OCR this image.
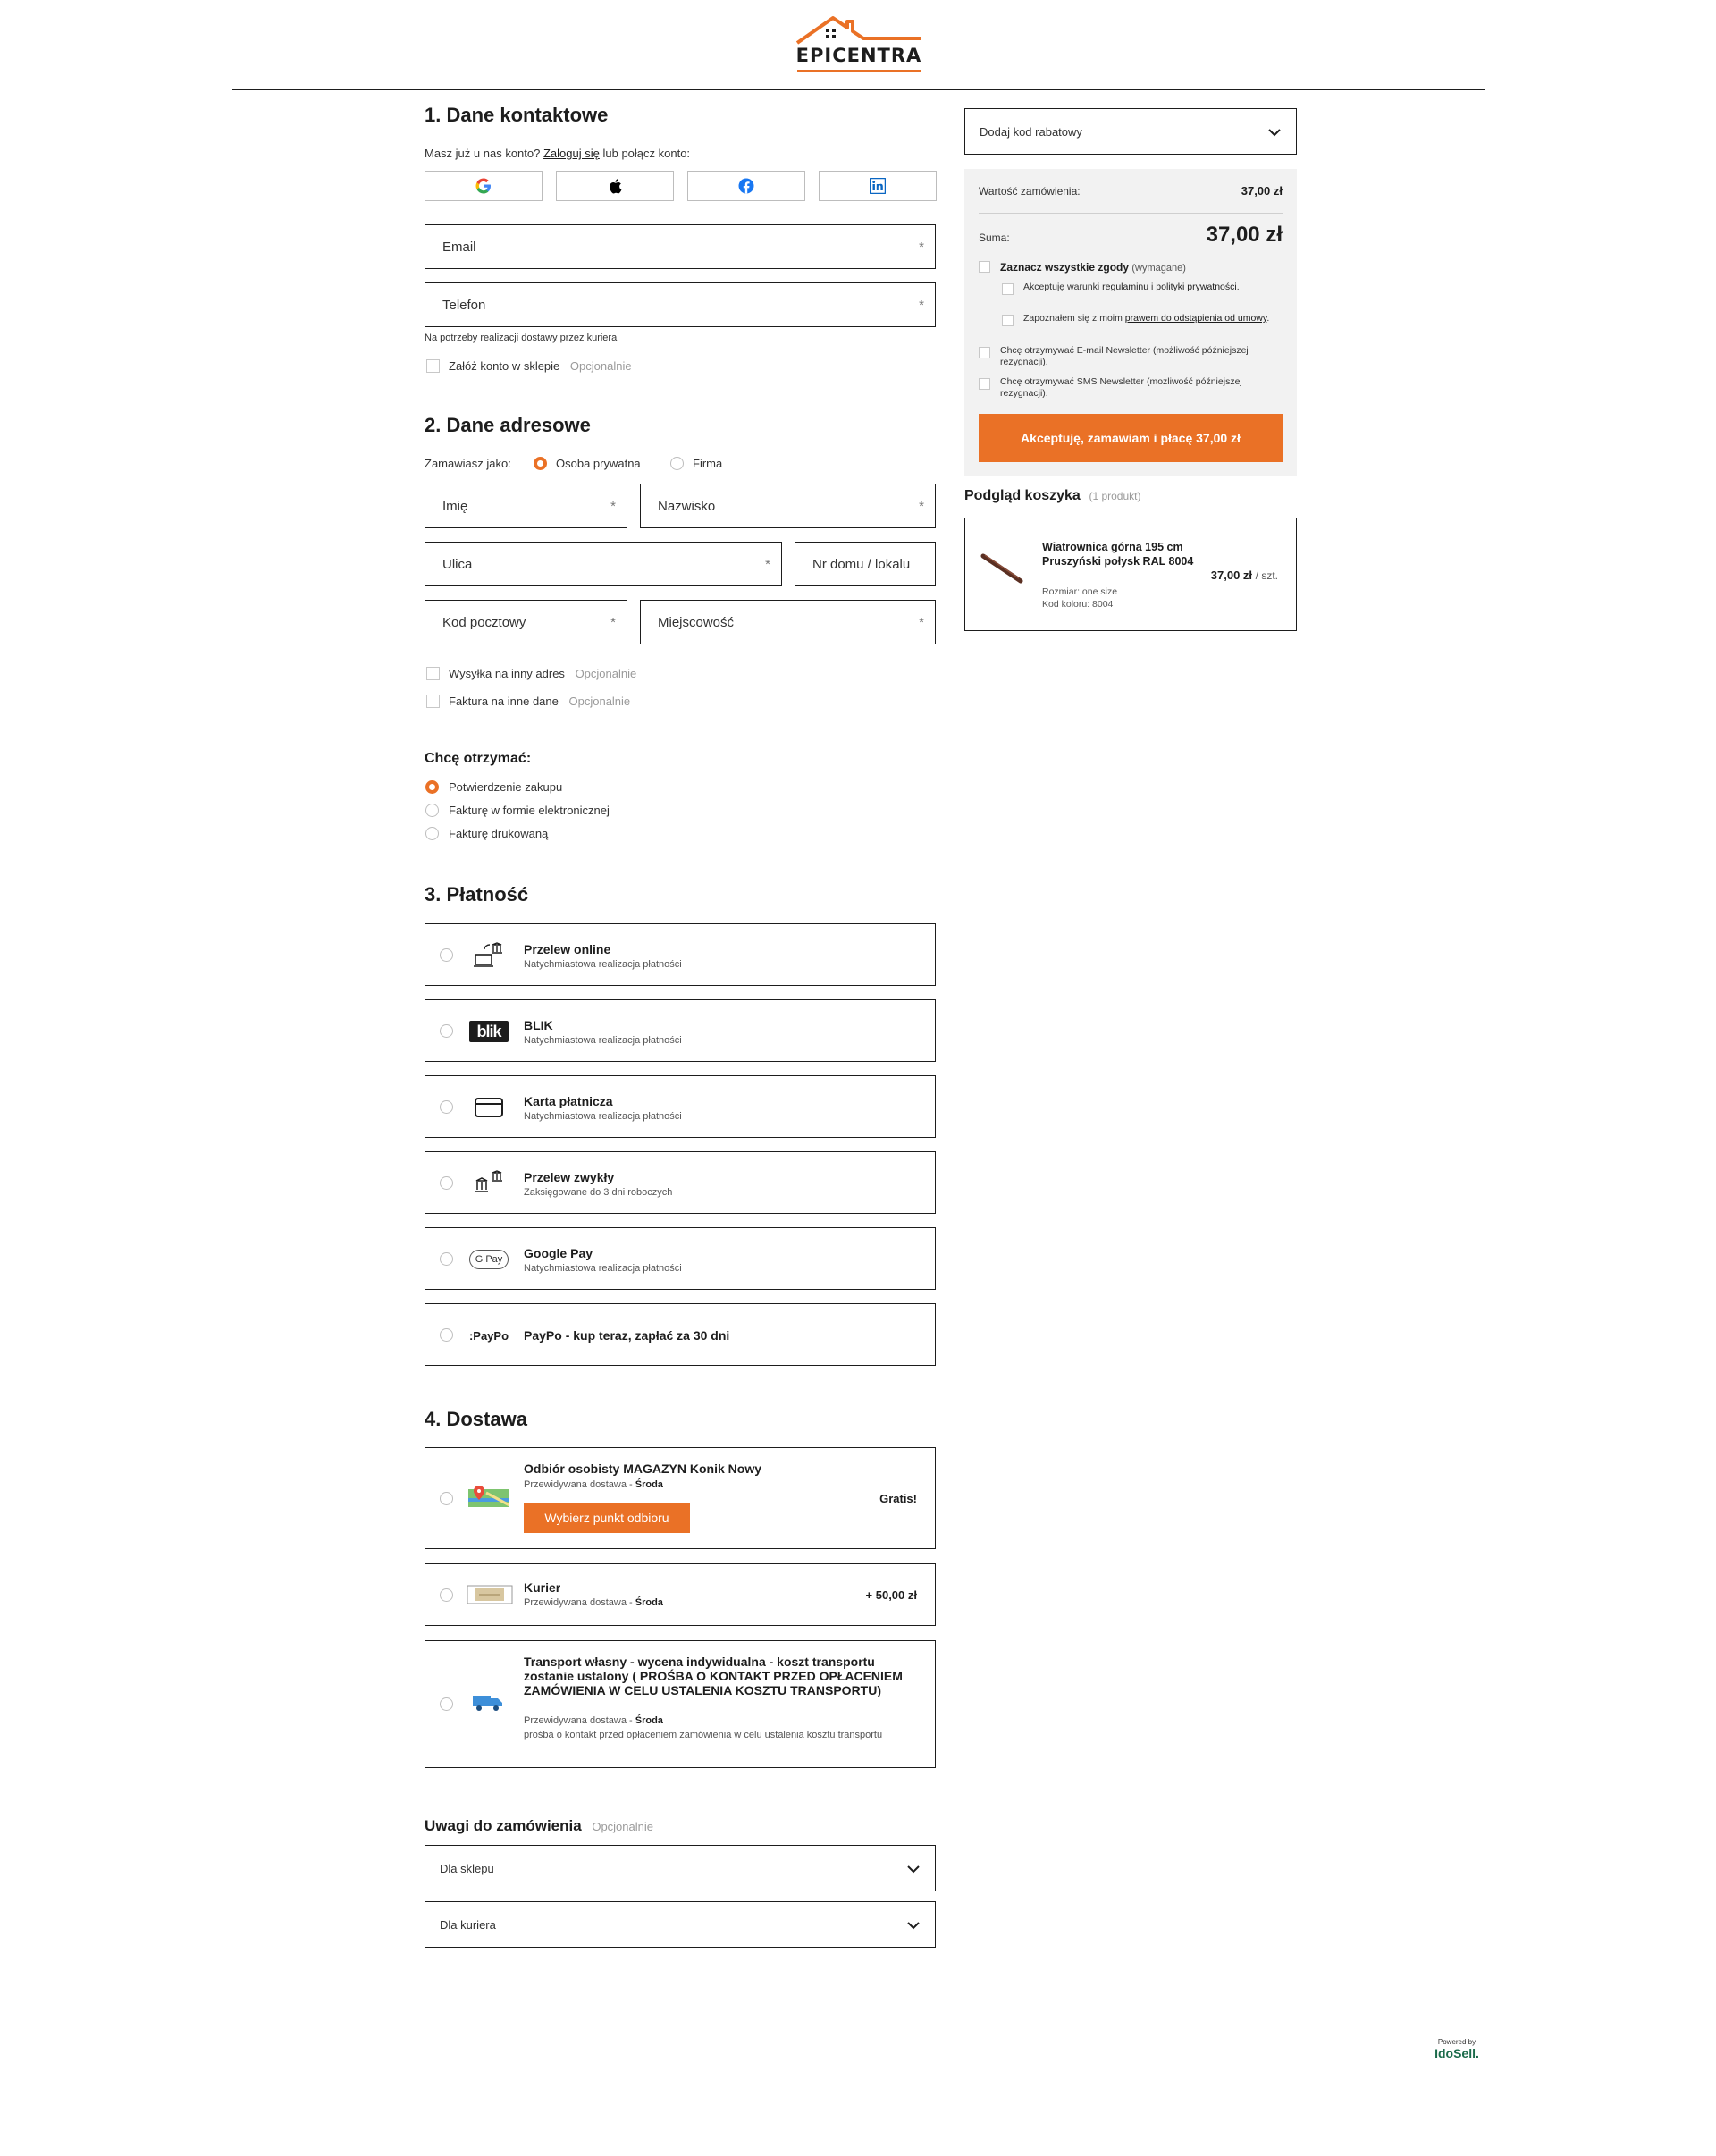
EPICENTRA
1. Dane kontaktowe
Masz już u nas konto? Zaloguj się lub połącz konto:
Email	*
Telefon	*
Na potrzeby realizacji dostawy przez kuriera
Załóż konto w sklepie Opcjonalnie
2. Dane adresowe
Zamawiasz jako:	Osoba prywatna	Firma
Imię	*	Nazwisko	*
Ulica	*	Nr domu / lokalu
Kod pocztowy	*	Miejscowość	*
Wysyłka na inny adres Opcjonalnie
Faktura na inne dane Opcjonalnie
Chcę otrzymać:
Potwierdzenie zakupu
Fakturę w formie elektronicznej
Fakturę drukowaną
3. Płatność
Przelew online
Natychmiastowa realizacja płatności
blik	BLIK
Natychmiastowa realizacja płatności
Karta płatnicza
Natychmiastowa realizacja płatności
Przelew zwykły
Zaksięgowane do 3 dni roboczych
G Pay	Google Pay
Natychmiastowa realizacja płatności
:PayPo PayPo - kup teraz, zapłać za 30 dni
4. Dostawa
Odbiór osobisty MAGAZYN Konik Nowy
Przewidywana dostawa - Środa
Wybierz punkt odbioru
Gratis!
Kurier
Przewidywana dostawa - Środa
+ 50,00 zł
Transport własny - wycena indywidualna - koszt transportu zostanie ustalony ( PROŚBA O KONTAKT PRZED OPŁACENIEM ZAMÓWIENIA W CELU USTALENIA KOSZTU TRANSPORTU)
Przewidywana dostawa - Środa
prośba o kontakt przed opłaceniem zamówienia w celu ustalenia kosztu transportu
Uwagi do zamówienia Opcjonalnie
Dla sklepu
Dla kuriera
Dodaj kod rabatowy
Wartość zamówienia:	37,00 zł
Suma:	37,00 zł
Zaznacz wszystkie zgody (wymagane)
Akceptuję warunki regulaminu i polityki prywatności.
Zapoznałem się z moim prawem do odstąpienia od umowy.
Chcę otrzymywać E-mail Newsletter (możliwość późniejszej rezygnacji).
Chcę otrzymywać SMS Newsletter (możliwość późniejszej rezygnacji).
Akceptuję, zamawiam i płacę 37,00 zł
Podgląd koszyka (1 produkt)
Wiatrownica górna 195 cm Pruszyński połysk RAL 8004
Rozmiar: one size
Kod koloru: 8004
37,00 zł / szt.
Powered by
IdoSell.
